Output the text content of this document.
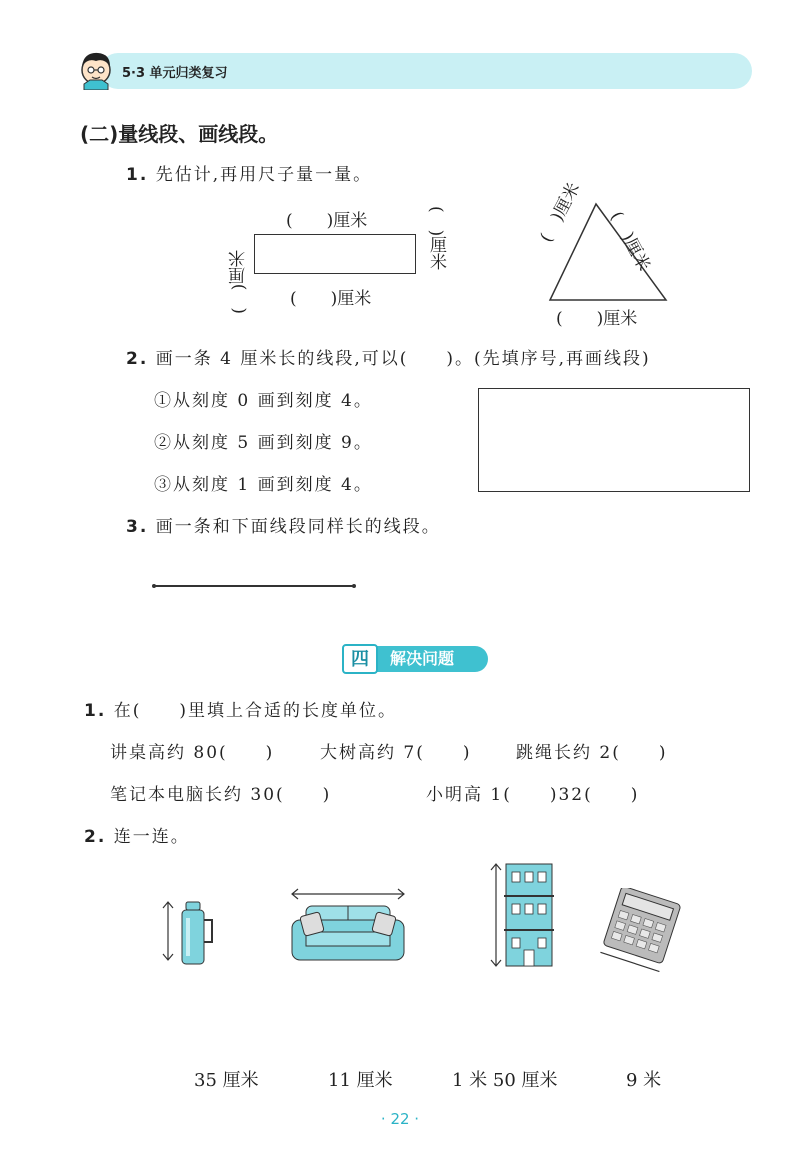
5·3 单元归类复习
(二)量线段、画线段。
1. 先估计,再用尺子量一量。
(　　)厘米
(　　)厘米
(　)厘米
(　)厘米	(　)厘米 (　)厘米
(　　)厘米
2. 画一条 4 厘米长的线段,可以(　　)。(先填序号,再画线段)
①从刻度 0 画到刻度 4。
②从刻度 5 画到刻度 9。
③从刻度 1 画到刻度 4。
3. 画一条和下面线段同样长的线段。
解决问题
四
1. 在(　　)里填上合适的长度单位。
讲桌高约 80(　　)	大树高约 7(　　)	跳绳长约 2(　　)
笔记本电脑长约 30(　　)	小明高 1(　　)32(　　)
2. 连一连。
35 厘米	11 厘米	1 米 50 厘米	9 米
· 22 ·
